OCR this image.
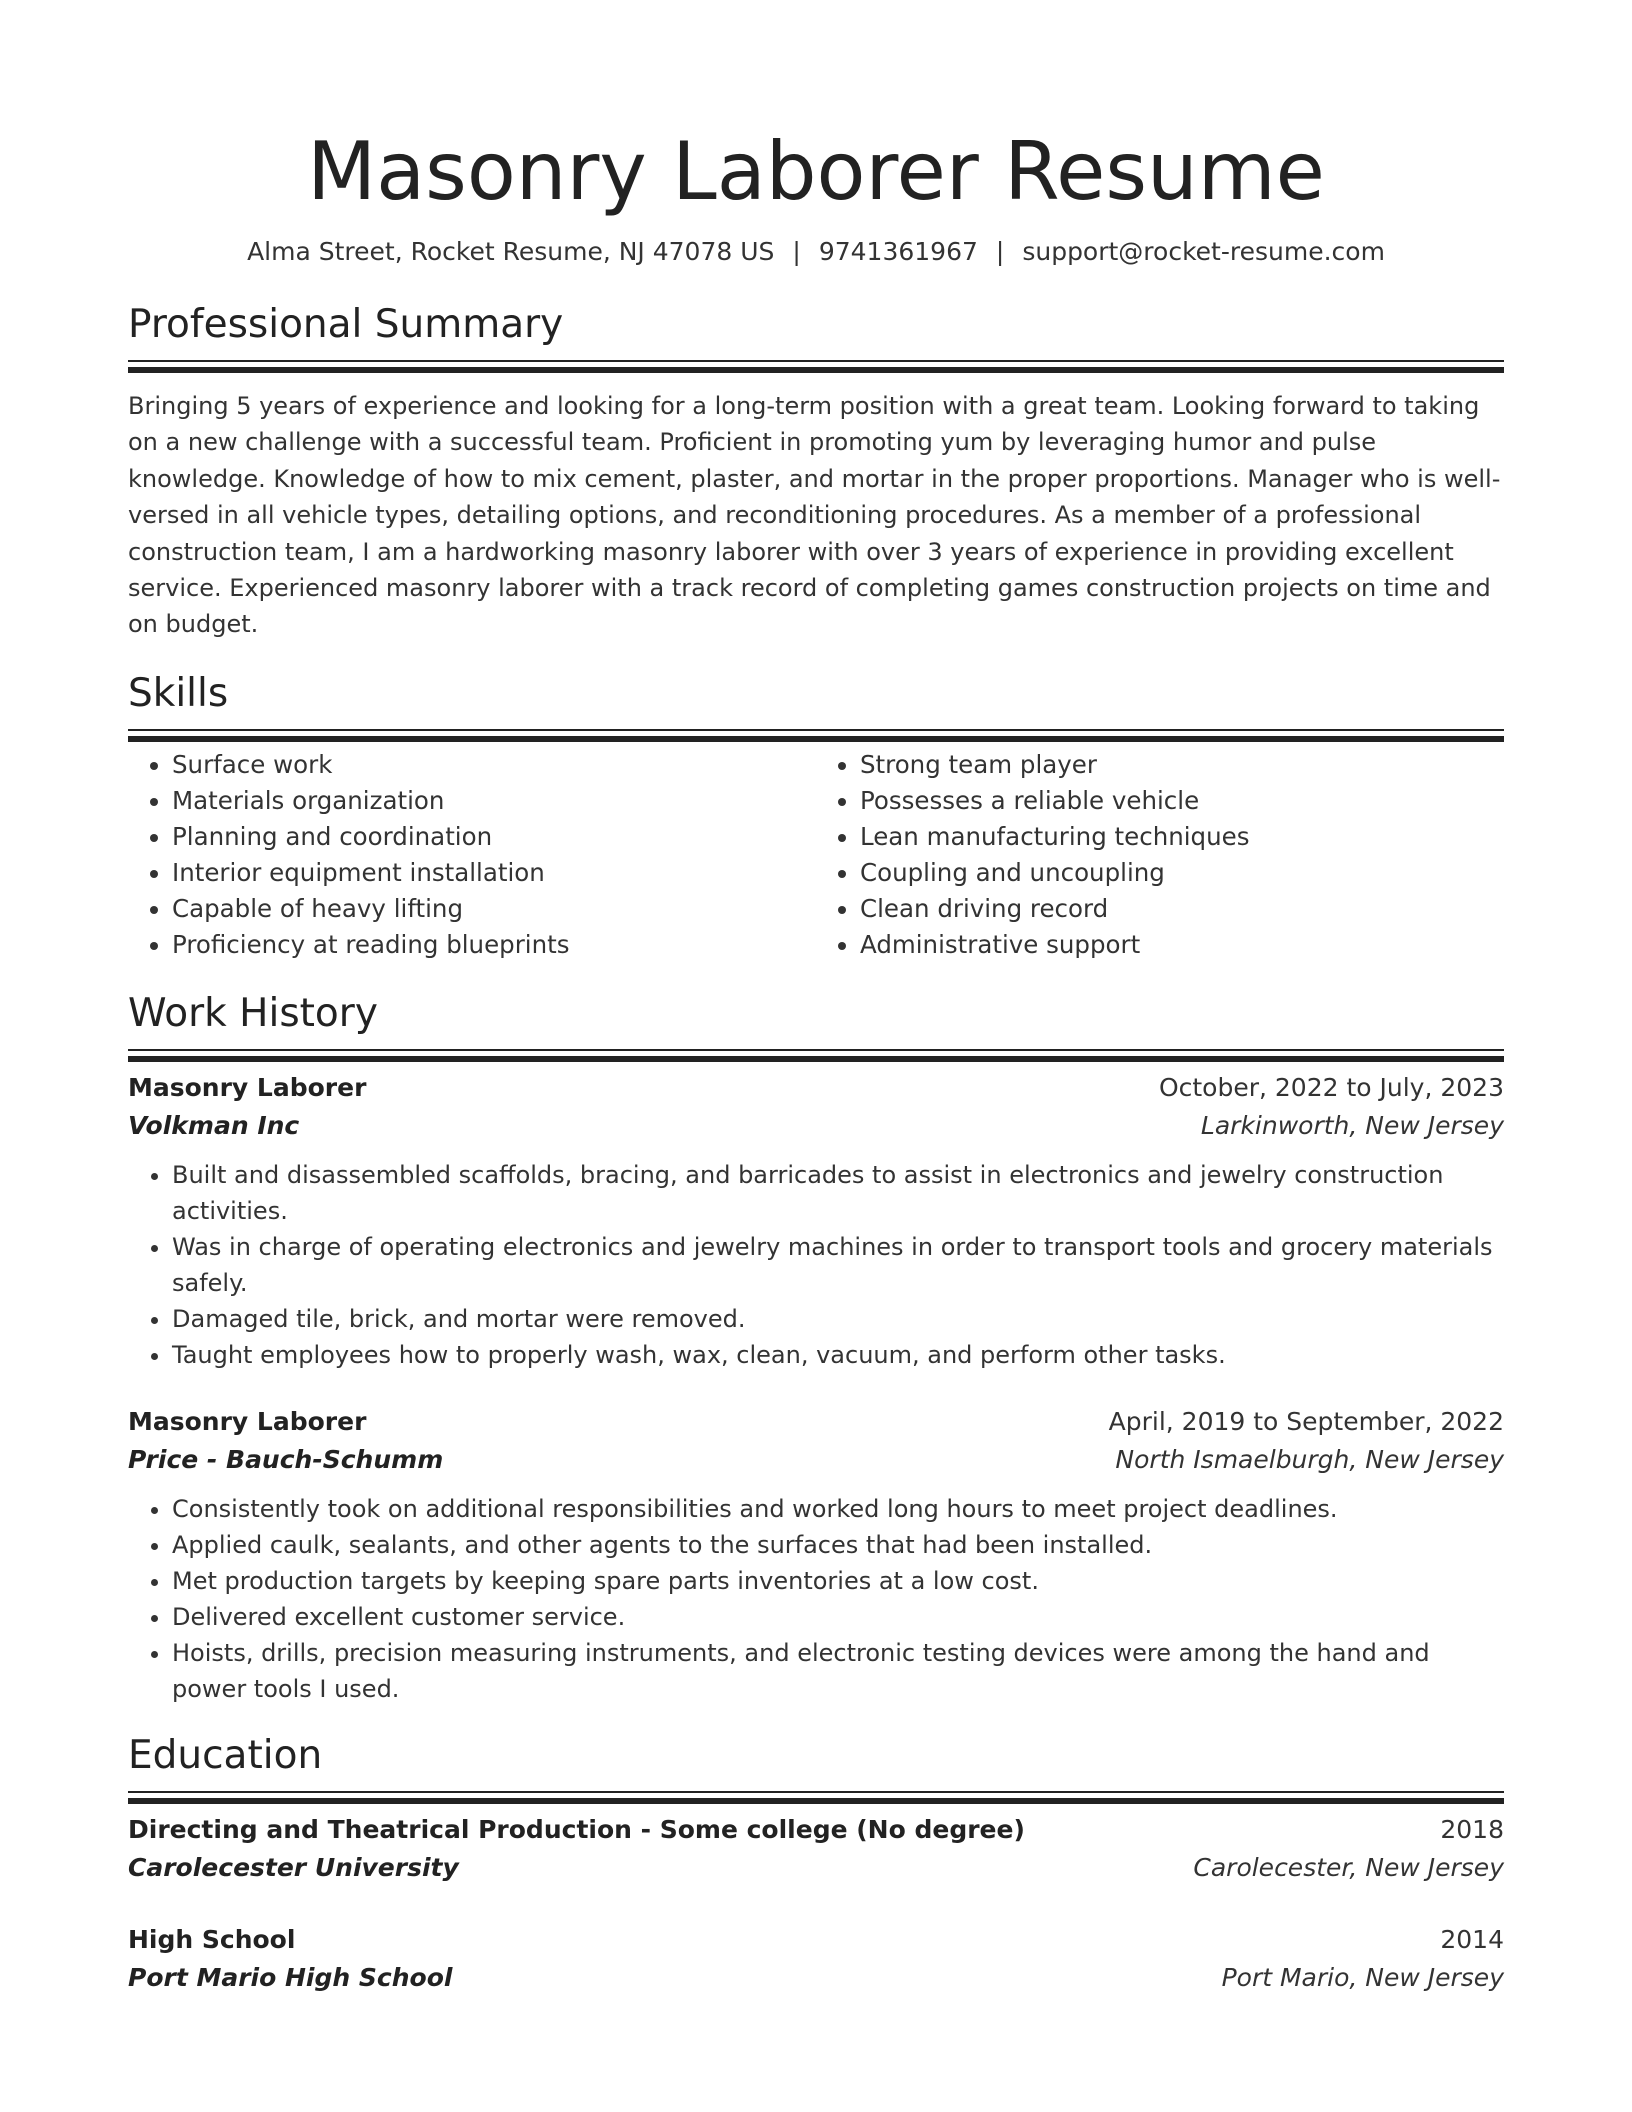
Masonry Laborer Resume
Alma Street, Rocket Resume, NJ 47078 US | 9741361967 | support@rocket-resume.com
Professional Summary

Bringing 5 years of experience and looking for a long-term position with a great team. Looking forward to taking on a new challenge with a successful team. Proficient in promoting yum by leveraging humor and pulse knowledge. Knowledge of how to mix cement, plaster, and mortar in the proper proportions. Manager who is well-versed in all vehicle types, detailing options, and reconditioning procedures. As a member of a professional construction team, I am a hardworking masonry laborer with over 3 years of experience in providing excellent service. Experienced masonry laborer with a track record of completing games construction projects on time and on budget.

Skills
• Surface work
• Materials organization
• Planning and coordination
• Interior equipment installation
• Capable of heavy lifting
• Proficiency at reading blueprints
• Strong team player
• Possesses a reliable vehicle
• Lean manufacturing techniques
• Coupling and uncoupling
• Clean driving record
• Administrative support
Work History
Masonry Laborer	October, 2022 to July, 2023
Volkman Inc	Larkinworth, New Jersey
• Built and disassembled scaffolds, bracing, and barricades to assist in electronics and jewelry construction activities.
• Was in charge of operating electronics and jewelry machines in order to transport tools and grocery materials safely.
• Damaged tile, brick, and mortar were removed.
• Taught employees how to properly wash, wax, clean, vacuum, and perform other tasks.
Masonry Laborer	April, 2019 to September, 2022
Price - Bauch-Schumm	North Ismaelburgh, New Jersey
• Consistently took on additional responsibilities and worked long hours to meet project deadlines.
• Applied caulk, sealants, and other agents to the surfaces that had been installed.
• Met production targets by keeping spare parts inventories at a low cost.
• Delivered excellent customer service.
• Hoists, drills, precision measuring instruments, and electronic testing devices were among the hand and power tools I used.
Education
Directing and Theatrical Production - Some college (No degree)	2018
Carolecester University	Carolecester, New Jersey
High School	2014
Port Mario High School	Port Mario, New Jersey
